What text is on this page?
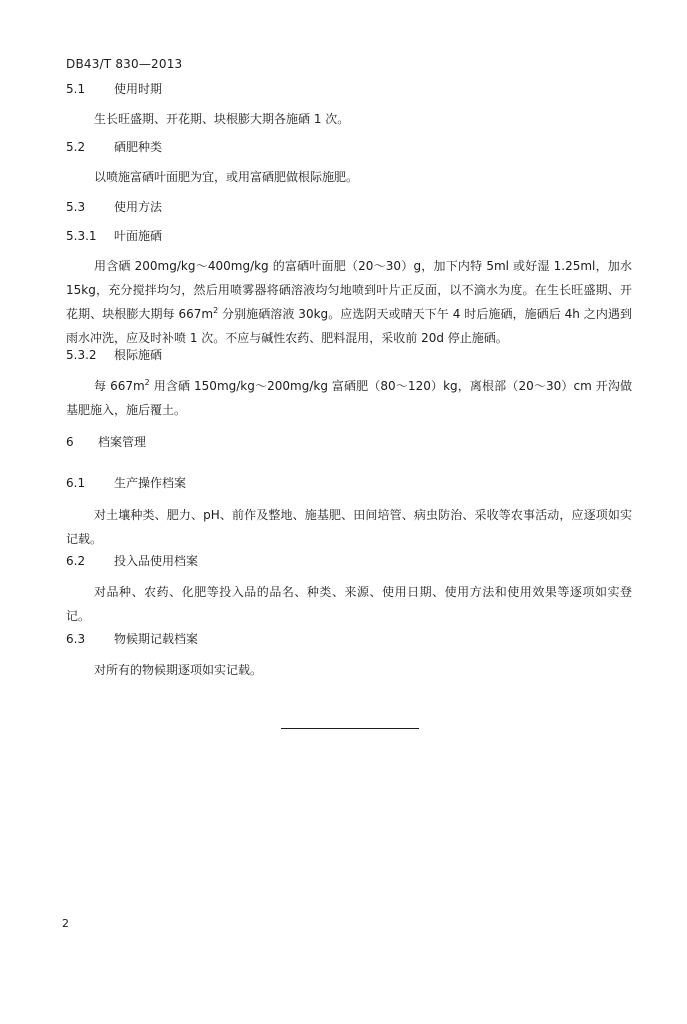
DB43/T 830—2013
5.1 使用时期
生长旺盛期、开花期、块根膨大期各施硒 1 次。
5.2 硒肥种类
以喷施富硒叶面肥为宜，或用富硒肥做根际施肥。
5.3 使用方法
5.3.1 叶面施硒
用含硒 200mg/kg～400mg/kg 的富硒叶面肥（20～30）g，加下内特 5ml 或好湿 1.25ml，加水 15kg，充分搅拌均匀，然后用喷雾器将硒溶液均匀地喷到叶片正反面，以不滴水为度。在生长旺盛期、开花期、块根膨大期每 $667m^2$ 分别施硒溶液 30kg。应选阴天或晴天下午 4 时后施硒，施硒后 4h 之内遇到雨水冲洗，应及时补喷 1 次。不应与碱性农药、肥料混用，采收前 20d 停止施硒。
5.3.2 根际施硒
每 $667m^2$ 用含硒 150mg/kg～200mg/kg 富硒肥（80～120）kg，离根部（20～30）cm 开沟做基肥施入，施后覆土。
6 档案管理
6.1 生产操作档案
对土壤种类、肥力、pH、前作及整地、施基肥、田间培管、病虫防治、采收等农事活动，应逐项如实记载。
6.2 投入品使用档案
对品种、农药、化肥等投入品的品名、种类、来源、使用日期、使用方法和使用效果等逐项如实登记。
6.3 物候期记载档案
对所有的物候期逐项如实记载。
2
